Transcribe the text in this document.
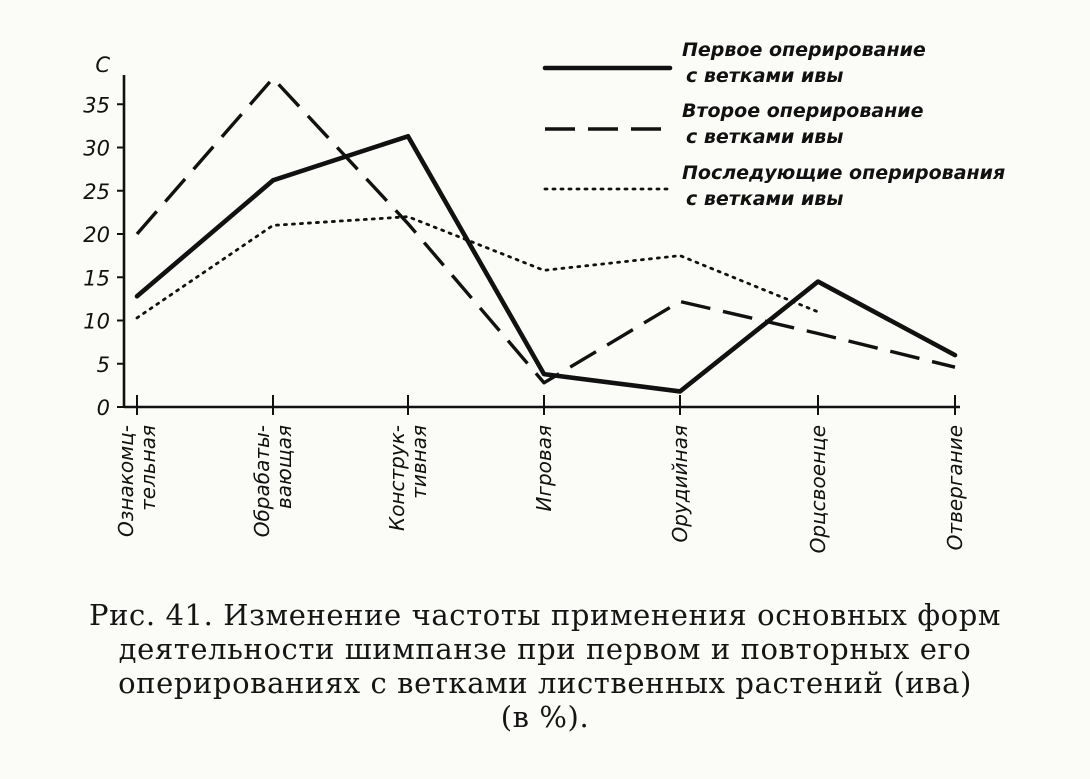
0
5
10
15
20
25
30
35
С
Ознакомц-тельная	Обрабаты-вающая	Конструк-тивная	Игровая	Орудийная	Орцсвоенце	Отвергание
Первое оперирование с ветками ивы
Второе оперирование с ветками ивы
Последующие оперирования с ветками ивы
Рис. 41. Изменение частоты применения основных форм
деятельности шимпанзе при первом и повторных его
оперированиях с ветками лиственных растений (ива)
(в %).
